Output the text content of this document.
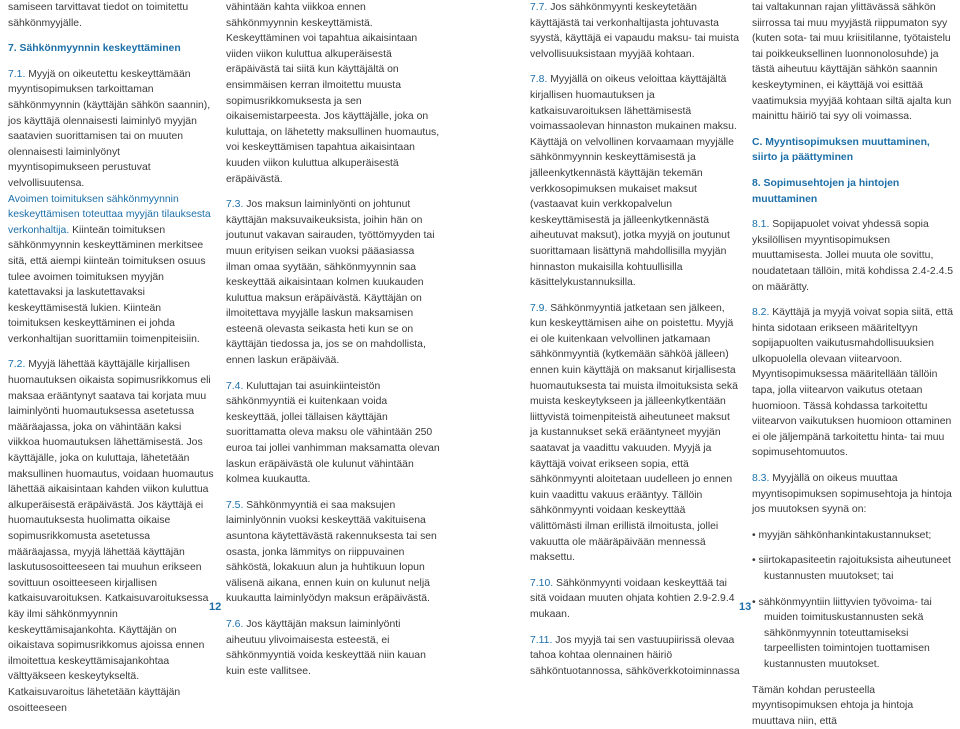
samiseen tarvittavat tiedot on toimitettu sähkönmyyjälle.

7. Sähkönmyynnin keskeyttäminen

7.1. Myyjä on oikeutettu keskeyttämään myyntisopimuksen tarkoittaman sähkönmyynnin (käyttäjän sähkön saannin), jos käyttäjä olennaisesti laiminlyö myyjän saatavien suorittamisen tai on muuten olennaisesti laiminlyönyt myyntisopimukseen perustuvat velvollisuutensa.

Avoimen toimituksen sähkönmyynnin keskeyttämisen toteuttaa myyjän tilauksesta verkonhaltija. Kiinteän toimituksen sähkönmyynnin keskeyttäminen merkitsee sitä, että aiempi kiinteän toimituksen osuus tulee avoimen toimituksen myyjän katettavaksi ja laskutettavaksi keskeyttämisestä lukien. Kiinteän toimituksen keskeyttäminen ei johda verkonhaltijan suorittamiin toimenpiteisiin.

7.2. Myyjä lähettää käyttäjälle kirjallisen huomautuksen oikaista sopimusrikkomus eli maksaa erääntynyt saatava tai korjata muu laiminlyönti huomautuksessa asetetussa määräajassa, joka on vähintään kaksi viikkoa huomautuksen lähettämisestä. Jos käyttäjälle, joka on kuluttaja, lähetetään maksullinen huomautus, voidaan huomautus lähettää aikaisintaan kahden viikon kuluttua alkuperäisestä eräpäivästä. Jos käyttäjä ei huomautuksesta huolimatta oikaise sopimusrikkomusta asetetussa määräajassa, myyjä lähettää käyttäjän laskutusosoitteeseen tai muuhun erikseen sovittuun osoitteeseen kirjallisen katkaisuvaroituksen. Katkaisuvaroituksessa käy ilmi sähkönmyynnin keskeyttämisajankohta. Käyttäjän on oikaistava sopimusrikkomus ajoissa ennen ilmoitettua keskeyttämisajankohtaa välttyäkseen keskeytykseltä. Katkaisuvaroitus lähetetään käyttäjän osoitteeseen

vähintään kahta viikkoa ennen sähkönmyynnin keskeyttämistä. Keskeyttäminen voi tapahtua aikaisintaan viiden viikon kuluttua alkuperäisestä eräpäivästä tai siitä kun käyttäjältä on ensimmäisen kerran ilmoitettu muusta sopimusrikkomuksesta ja sen oikaisemistarpeesta. Jos käyttäjälle, joka on kuluttaja, on lähetetty maksullinen huomautus, voi keskeyttämisen tapahtua aikaisintaan kuuden viikon kuluttua alkuperäisestä eräpäivästä.

7.3. Jos maksun laiminlyönti on johtunut käyttäjän maksuvaikeuksista, joihin hän on joutunut vakavan sairauden, työttömyyden tai muun erityisen seikan vuoksi pääasiassa ilman omaa syytään, sähkönmyynnin saa keskeyttää aikaisintaan kolmen kuukauden kuluttua maksun eräpäivästä. Käyttäjän on ilmoitettava myyjälle laskun maksamisen esteenä olevasta seikasta heti kun se on käyttäjän tiedossa ja, jos se on mahdollista, ennen laskun eräpäivää.

7.4. Kuluttajan tai asuinkiinteistön sähkönmyyntiä ei kuitenkaan voida keskeyttää, jollei tällaisen käyttäjän suorittamatta oleva maksu ole vähintään 250 euroa tai jollei vanhimman maksamatta olevan laskun eräpäivästä ole kulunut vähintään kolmea kuukautta.

7.5. Sähkönmyyntiä ei saa maksujen laiminlyönnin vuoksi keskeyttää vakituisena asuntona käytettävästä rakennuksesta tai sen osasta, jonka lämmitys on riippuvainen sähköstä, lokakuun alun ja huhtikuun lopun välisenä aikana, ennen kuin on kulunut neljä kuukautta laiminlyödyn maksun eräpäivästä.

7.6. Jos käyttäjän maksun laiminlyönti aiheutuu ylivoimaisesta esteestä, ei sähkönmyyntiä voida keskeyttää niin kauan kuin este vallitsee.

12

7.7. Jos sähkönmyynti keskeytetään käyttäjästä tai verkonhaltijasta johtuvasta syystä, käyttäjä ei vapaudu maksu- tai muista velvollisuuksistaan myyjää kohtaan.

7.8. Myyjällä on oikeus veloittaa käyttäjältä kirjallisen huomautuksen ja katkaisuvaroituksen lähettämisestä voimassaolevan hinnaston mukainen maksu.

Käyttäjä on velvollinen korvaamaan myyjälle sähkönmyynnin keskeyttämisestä ja jälleenkytkennästä käyttäjän tekemän verkkosopimuksen mukaiset maksut (vastaavat kuin verkkopalvelun keskeyttämisestä ja jälleenkytkennästä aiheutuvat maksut), jotka myyjä on joutunut suorittamaan lisättynä mahdollisilla myyjän hinnaston mukaisilla kohtuullisilla käsittelykustannuksilla.

7.9. Sähkönmyyntiä jatketaan sen jälkeen, kun keskeyttämisen aihe on poistettu. Myyjä ei ole kuitenkaan velvollinen jatkamaan sähkönmyyntiä (kytkemään sähköä jälleen) ennen kuin käyttäjä on maksanut kirjallisesta huomautuksesta tai muista ilmoituksista sekä muista keskeytykseen ja jälleenkytkentään liittyvistä toimenpiteistä aiheutuneet maksut ja kustannukset sekä erääntyneet myyjän saatavat ja vaadittu vakuuden. Myyjä ja käyttäjä voivat erikseen sopia, että sähkönmyynti aloitetaan uudelleen jo ennen kuin vaadittu vakuus erääntyy. Tällöin sähkönmyynti voidaan keskeyttää välittömästi ilman erillistä ilmoitusta, jollei vakuutta ole määräpäivään mennessä maksettu.

7.10. Sähkönmyynti voidaan keskeyttää tai sitä voidaan muuten ohjata kohtien 2.9-2.9.4 mukaan.

7.11. Jos myyjä tai sen vastuupiirissä olevaa tahoa kohtaa olennainen häiriö sähköntuotannossa, sähköverkkotoiminnassa

tai valtakunnan rajan ylittävässä sähkön siirrossa tai muu myyjästä riippumaton syy (kuten sota- tai muu kriisitilanne, työtaistelu tai poikkeuksellinen luonnonolosuhde) ja tästä aiheutuu käyttäjän sähkön saannin keskeytyminen, ei käyttäjä voi esittää vaatimuksia myyjää kohtaan siltä ajalta kun mainittu häiriö tai syy oli voimassa.

C. Myyntisopimuksen muuttaminen, siirto ja päättyminen

8. Sopimusehtojen ja hintojen muuttaminen

8.1. Sopijapuolet voivat yhdessä sopia yksilöllisen myyntisopimuksen muuttamisesta. Jollei muuta ole sovittu, noudatetaan tällöin, mitä kohdissa 2.4-2.4.5 on määrätty.

8.2. Käyttäjä ja myyjä voivat sopia siitä, että hinta sidotaan erikseen määriteltyyn sopijapuolten vaikutusmahdollisuuksien ulkopuolella olevaan viitearvoon. Myyntisopimuksessa määritellään tällöin tapa, jolla viitearvon vaikutus otetaan huomioon. Tässä kohdassa tarkoitettu viitearvon vaikutuksen huomioon ottaminen ei ole jäljempänä tarkoitettu hinta- tai muu sopimusehtomuutos.

8.3. Myyjällä on oikeus muuttaa myyntisopimuksen sopimusehtoja ja hintoja jos muutoksen syynä on:

• myyjän sähkönhankintakustannukset;

• siirtokapasiteetin rajoituksista aiheutuneet kustannusten muutokset; tai

• sähkönmyyntiin liittyvien työvoima- tai muiden toimituskustannusten sekä sähkönmyynnin toteuttamiseksi tarpeellisten toimintojen tuottamisen kustannusten muutokset.

Tämän kohdan perusteella myyntisopimuksen ehtoja ja hintoja muuttava niin, että

13
